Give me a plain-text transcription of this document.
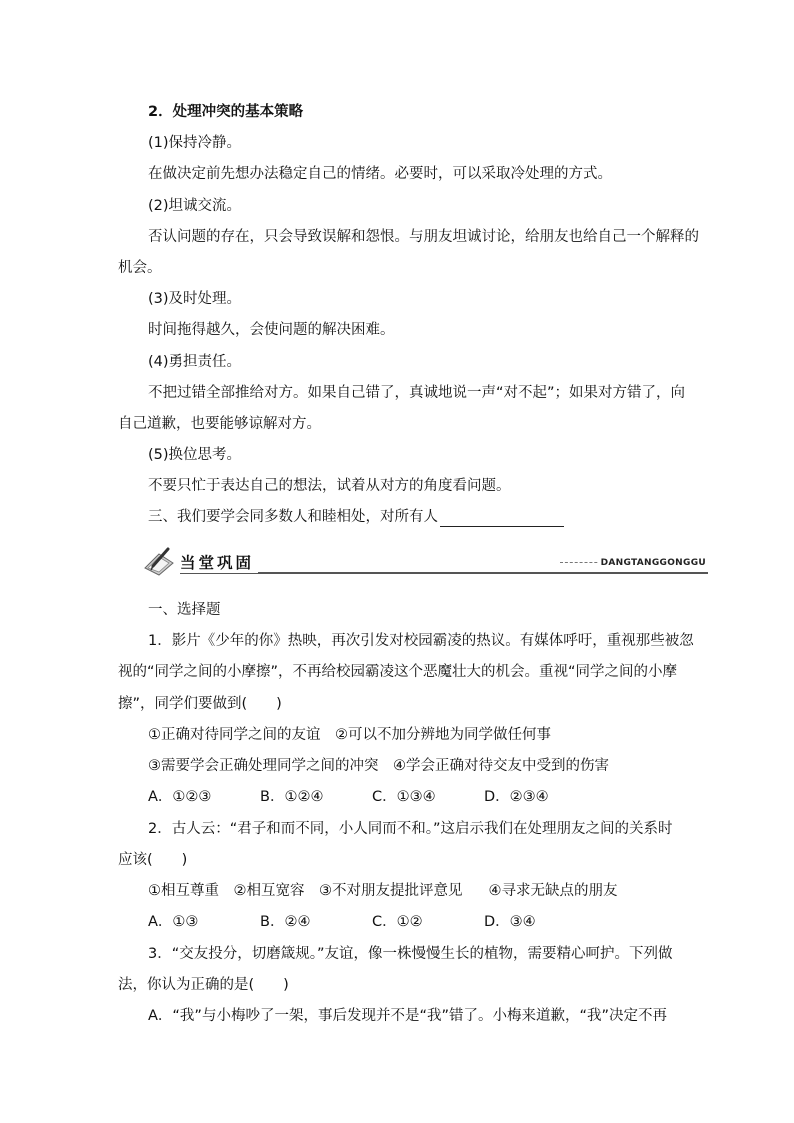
2．处理冲突的基本策略
(1)保持冷静。
在做决定前先想办法稳定自己的情绪。必要时，可以采取冷处理的方式。
(2)坦诚交流。
否认问题的存在，只会导致误解和怨恨。与朋友坦诚讨论，给朋友也给自己一个解释的
机会。
(3)及时处理。
时间拖得越久，会使问题的解决困难。
(4)勇担责任。
不把过错全部推给对方。如果自己错了，真诚地说一声“对不起”；如果对方错了，向
自己道歉，也要能够谅解对方。
(5)换位思考。
不要只忙于表达自己的想法，试着从对方的角度看问题。
三、我们要学会同多数人和睦相处，对所有人
当堂巩固	DANGTANGGONGGU
一、选择题
1．影片《少年的你》热映，再次引发对校园霸凌的热议。有媒体呼吁，重视那些被忽
视的“同学之间的小摩擦”，不再给校园霸凌这个恶魔壮大的机会。重视“同学之间的小摩
擦”，同学们要做到(　　)
①正确对待同学之间的友谊　②可以不加分辨地为同学做任何事
③需要学会正确处理同学之间的冲突　④学会正确对待交友中受到的伤害
A．①②③	B．①②④	C．①③④	D．②③④
2．古人云：“君子和而不同，小人同而不和。”这启示我们在处理朋友之间的关系时
应该(　　)
①相互尊重　②相互宽容　③不对朋友提批评意见 ④寻求无缺点的朋友
A．①③	B．②④	C．①②	D．③④
3．“交友投分，切磨箴规。”友谊，像一株慢慢生长的植物，需要精心呵护。下列做
法，你认为正确的是(　　)
A．“我”与小梅吵了一架，事后发现并不是“我”错了。小梅来道歉，“我”决定不再
